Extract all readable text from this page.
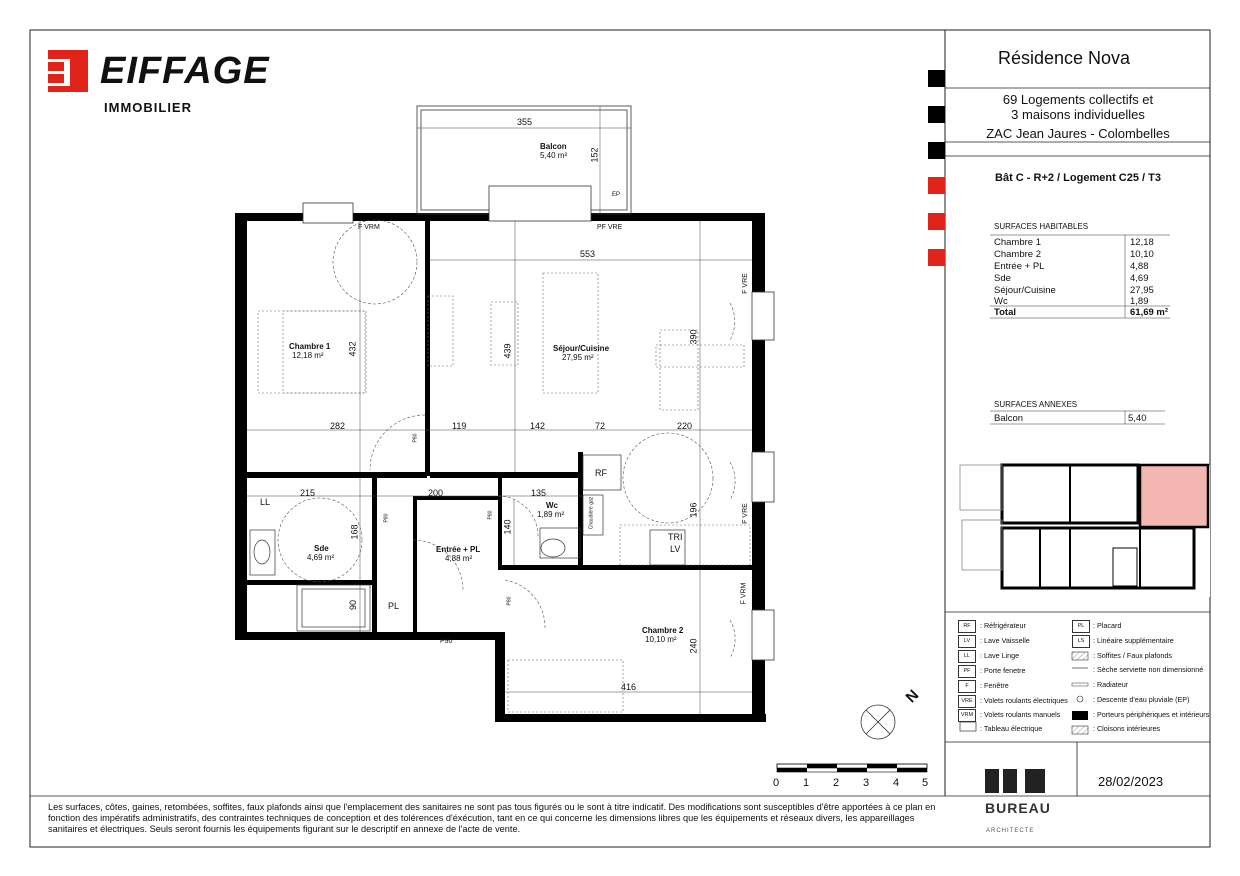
EIFFAGE
IMMOBILIER
Résidence Nova
69 Logements collectifs et
3 maisons individuelles
ZAC Jean Jaures - Colombelles
Bât C - R+2 / Logement C25 / T3
SURFACES HABITABLES
Chambre 1	12,18
Chambre 2	10,10
Entrée + PL	4,88
Sde	4,69
Séjour/Cuisine	27,95
Wc	1,89
Total	61,69 m²
SURFACES ANNEXES
Balcon	5,40
Balcon
5,40 m²
Chambre 1
12,18 m²
Séjour/Cuisine
27,95 m²
Wc
1,89 m²
Sde
4,69 m²
Entrée + PL
4,88 m²
Chambre 2
10,10 m²
F VRM	PF VRE
EP
F VRE
F VRE
F VRM
RF
LL
PL
TRI
LV
P90
P80
P80	P80
P80
Chaudière gaz
355
152
553
432	439
390
282	119	142	72	220
215	200	135
196
168	140
90
240
416
RF	: Réfrigérateur
LV	: Lave Vaisselle
LL	: Lave Linge
PF	: Porte fenetre
F	: Fenêtre
VRE	: Volets roulants électriques
VRM : Volets roulants manuels
: Tableau électrique
PL	: Placard
LS	: Linéaire supplémentaire
: Soffites / Faux plafonds
: Sèche serviette non dimensionné
: Radiateur
: Descente d'eau pluviale (EP)
: Porteurs périphériques et intérieurs
: Cloisons intérieures
0 1 2 3 4 5
N
BUREAU
ARCHITECTE
28/02/2023
Les surfaces, côtes, gaines, retombées, soffites, faux plafonds ainsi que l'emplacement des sanitaires ne sont pas tous figurés ou le sont à titre indicatif. Des modifications sont susceptibles d'être apportées à ce plan en fonction des impératifs administratifs, des contraintes techniques de conception et des tolérences d'éxécution, tant en ce qui concerne les dimensions libres que les équipements et réseaux divers, les appareillages sanitaires et électriques. Seuls seront fournis les équipements figurant sur le descriptif en annexe de l'acte de vente.
